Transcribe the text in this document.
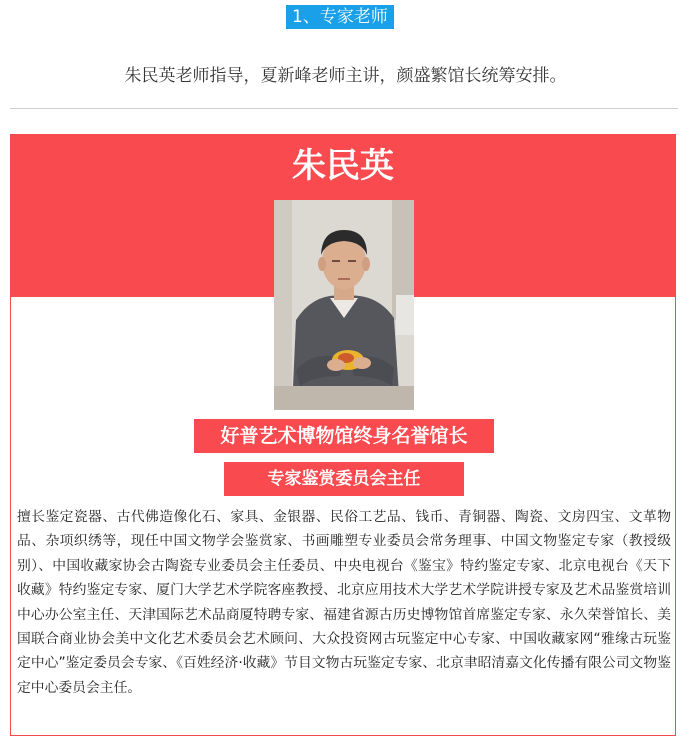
1、专家老师
朱民英老师指导，夏新峰老师主讲，颜盛繁馆长统筹安排。
朱民英
好普艺术博物馆终身名誉馆长
专家鉴赏委员会主任
擅长鉴定瓷器、古代佛造像化石、家具、金银器、民俗工艺品、钱币、青铜器、陶瓷、文房四宝、文革物品、杂项织绣等，现任中国文物学会鉴赏家、书画雕塑专业委员会常务理事、中国文物鉴定专家（教授级别）、中国收藏家协会古陶瓷专业委员会主任委员、中央电视台《鉴宝》特约鉴定专家、北京电视台《天下收藏》特约鉴定专家、厦门大学艺术学院客座教授、北京应用技术大学艺术学院讲授专家及艺术品鉴赏培训中心办公室主任、天津国际艺术品商厦特聘专家、福建省源古历史博物馆首席鉴定专家、永久荣誉馆长、美国联合商业协会美中文化艺术委员会艺术顾问、大众投资网古玩鉴定中心专家、中国收藏家网“雅缘古玩鉴定中心”鉴定委员会专家、《百姓经济·收藏》节目文物古玩鉴定专家、北京聿昭清嘉文化传播有限公司文物鉴定中心委员会主任。
